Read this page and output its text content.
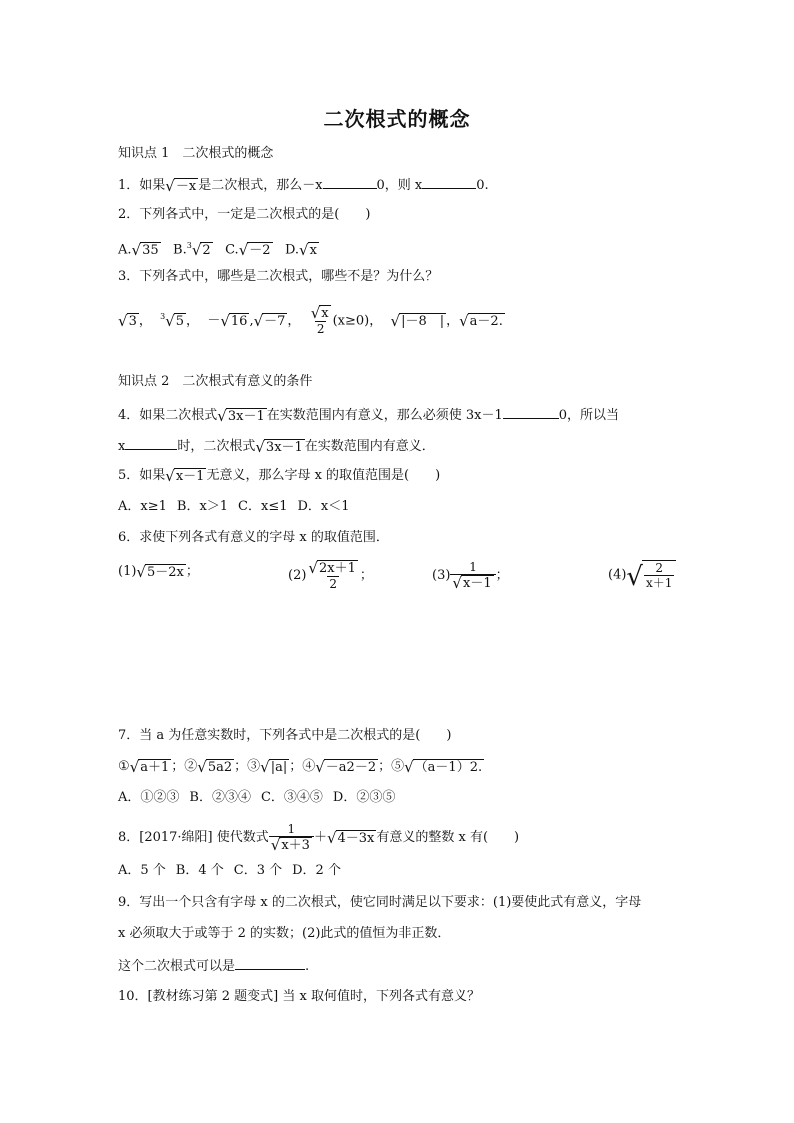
二次根式的概念
知识点 1　二次根式的概念
1．如果 √ －x 是二次根式，那么－x	0，则 x	0.
2．下列各式中，一定是二次根式的是(　　)
A. √ 35 B.$^3$ √ 2 C. √ －2 D. √ x
3．下列各式中，哪些是二次根式，哪些不是？为什么？
√ 3 ，  $^3$ √ 5 ，  － √ 16 , √ －7 ， $\frac{√ x}{2} (x\ge 0)$， √ |－8　| ， √ a－2.
知识点 2　二次根式有意义的条件
4．如果二次根式 √ 3x－1 在实数范围内有意义，那么必须使 3x－1	0，所以当
x	时，二次根式 √ 3x－1 在实数范围内有意义．
5．如果 √ x－1 无意义，那么字母 x 的取值范围是(　　)
A．x≥1 B．x＞1 C．x≤1 D．x＜1
6．求使下列各式有意义的字母 x 的取值范围．
(1) √ 5－2x ；	$(2) \frac{√ 2x+1}{2}$ ；	$(3) \frac{1}{√ x-1}$ ；	(4) √ $\frac{2}{x+1}$
7．当 a 为任意实数时，下列各式中是二次根式的是(　　)
① √ a＋1 ；② √ 5a2 ；③ √ |a| ；④ √ －a2－2 ；⑤ √ （a－1）2.
A．①②③ B．②③④ C．③④⑤ D．②③⑤
8．[2017·绵阳] 使代数式 $\frac{1}{√ x+3}$ ＋ √ 4－3x 有意义的整数 x 有(　　)
A．5 个 B．4 个 C．3 个 D．2 个
9．写出一个只含有字母 x 的二次根式，使它同时满足以下要求：(1)要使此式有意义，字母
x 必须取大于或等于 2 的实数；(2)此式的值恒为非正数．
这个二次根式可以是	.
10．[教材练习第 2 题变式] 当 x 取何值时，下列各式有意义？
